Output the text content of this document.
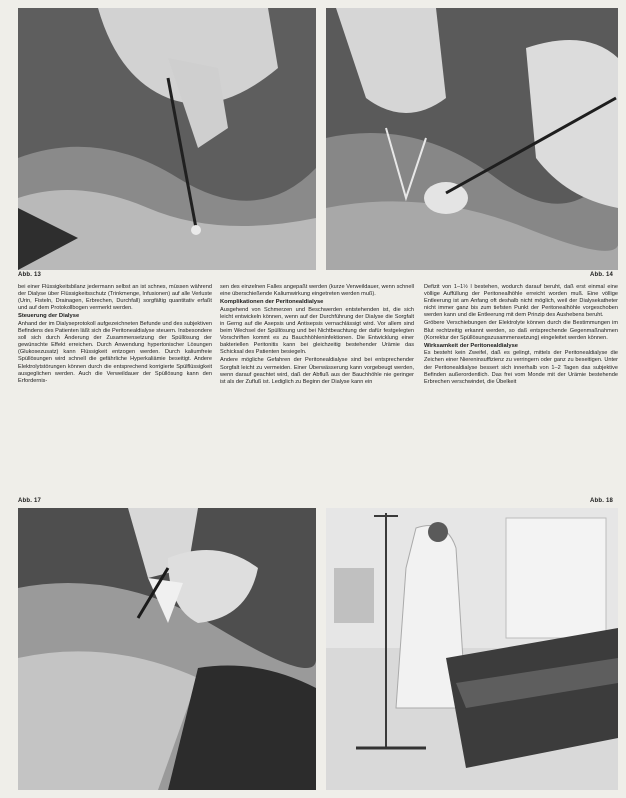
Abb. 13	Abb. 14

bei einer Flüssigkeitsbilanz jedermann selbst an ist schnes, müssen während der Dialyse über Flüssigkeitsschutz (Trinkmenge, Infusionen) auf alle Verluste (Urin, Fisteln, Drainagen, Erbrechen, Durchfall) sorgfältig quantitativ erfaßt und auf dem Protokollbogen vermerkt werden.

Steuerung der Dialyse

Anhand der im Dialyseprotokoll aufgezeichneten Befunde und des subjektiven Befindens des Patienten läßt sich die Peritonealdialyse steuern. Insbesondere soll sich durch Änderung der Zusammensetzung der Spüllösung der gewünschte Effekt erreichen. Durch Anwendung hypertonischer Lösungen (Glukosezusatz) kann Flüssigkeit entzogen werden. Durch kaliumfreie Spüllösungen wird schnell die gefährliche Hyperkaliämie beseitigt. Andere Elektrolytstörungen können durch die entsprechend korrigierte Spülflüssigkeit ausgeglichen werden. Auch die Verweildauer der Spüllösung kann den Erfordernis-

sen des einzelnen Falles angepaßt werden (kurze Verweildauer, wenn schnell eine überschießende Kaliumwirkung eingetreten werden muß).

Komplikationen der Peritonealdialyse

Ausgehend von Schmerzen und Beschwerden entstehenden ist, die sich leicht entwickeln können, wenn auf der Durchführung der Dialyse die Sorgfalt in Gerng auf die Asepsis und Antisepsis vernachlässigt wird. Vor allem sind beim Wechsel der Spüllösung und bei Nichtbeachtung der dafür festgelegten Vorschriften kommt es zu Bauchhöhleninfektionen. Die Entwicklung einer bakteriellen Peritonitis kann bei gleichzeitig bestehender Urämie das Schicksal des Patienten besiegeln.

Andere mögliche Gefahren der Peritonealdialyse sind bei entsprechender Sorgfalt leicht zu vermeiden. Einer Überwässerung kann vorgebeugt werden, wenn darauf geachtet wird, daß der Abfluß aus der Bauchhöhle nie geringer ist als der Zufluß ist. Lediglich zu Beginn der Dialyse kann ein

Defizit von 1–1½ l bestehen, wodurch darauf beruht, daß erst einmal eine völlige Auffüllung der Peritonealhöhle erreicht worden muß. Eine völlige Entleerung ist am Anfang oft deshalb nicht möglich, weil der Dialysekatheter nicht immer ganz bis zum tiefsten Punkt der Peritonealhöhle vorgeschoben werden kann und die Entleerung mit dem Prinzip des Aushebens beruht.

Gröbere Verschiebungen der Elektrolyte können durch die Bestimmungen im Blut rechtzeitig erkannt werden, so daß entsprechende Gegenmaßnahmen (Korrektur der Spüllösungszusammensetzung) eingeleitet werden können.

Wirksamkeit der Peritonealdialyse

Es besteht kein Zweifel, daß es gelingt, mittels der Peritonealdialyse die Zeichen einer Niereninsuffizienz zu verringern oder ganz zu beseitigen. Unter der Peritonealdialyse bessert sich innerhalb von 1–2 Tagen das subjektive Befinden außerordentlich. Das frei vom Monde mit der Urämie bestehende Erbrechen verschwindet, die Übelkeit

Abb. 17	Abb. 18
